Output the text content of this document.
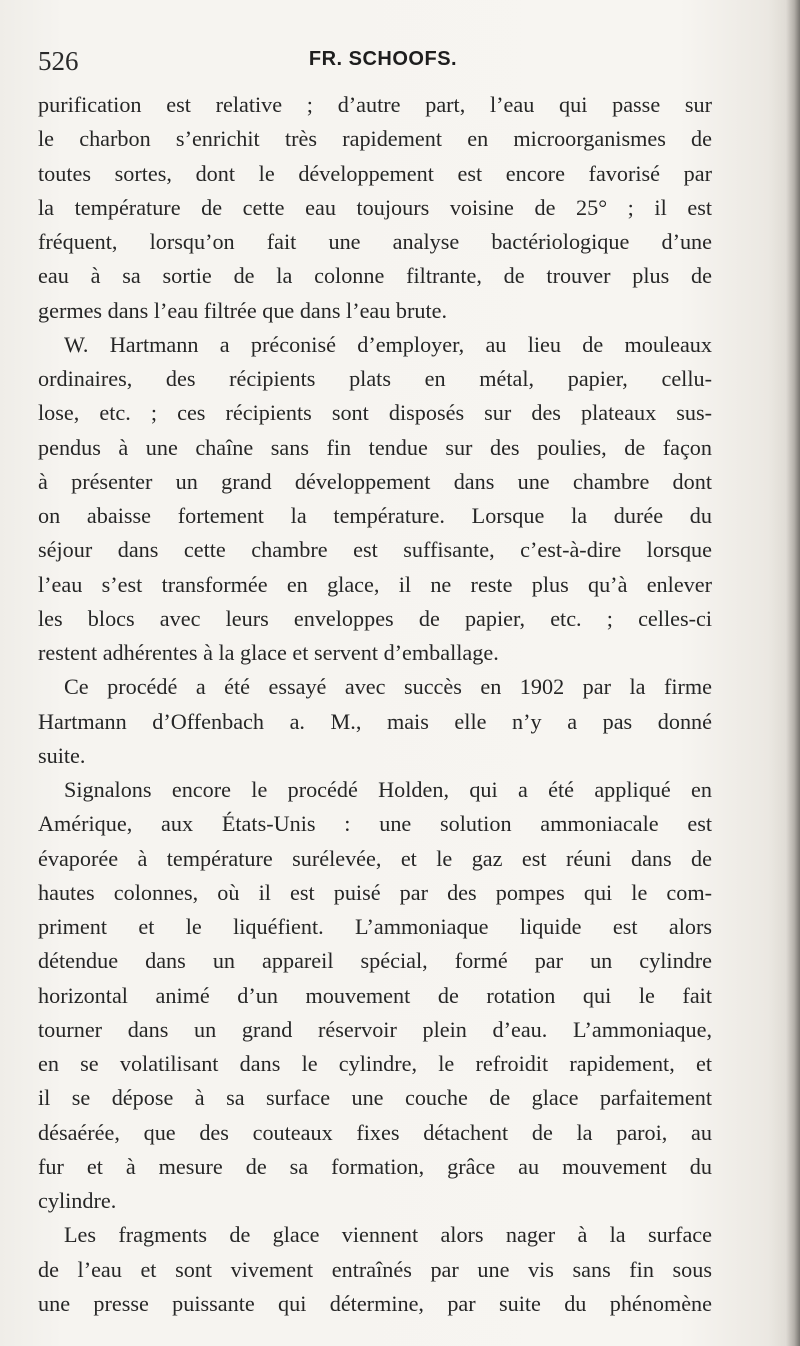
526	FR. SCHOOFS.
purification est relative ; d’autre part, l’eau qui passe sur
le charbon s’enrichit très rapidement en microorganismes de
toutes sortes, dont le développement est encore favorisé par
la température de cette eau toujours voisine de 25° ; il est
fréquent, lorsqu’on fait une analyse bactériologique d’une
eau à sa sortie de la colonne filtrante, de trouver plus de
germes dans l’eau filtrée que dans l’eau brute.
W. Hartmann a préconisé d’employer, au lieu de mouleaux
ordinaires, des récipients plats en métal, papier, cellu-
lose, etc. ; ces récipients sont disposés sur des plateaux sus-
pendus à une chaîne sans fin tendue sur des poulies, de façon
à présenter un grand développement dans une chambre dont
on abaisse fortement la température. Lorsque la durée du
séjour dans cette chambre est suffisante, c’est-à-dire lorsque
l’eau s’est transformée en glace, il ne reste plus qu’à enlever
les blocs avec leurs enveloppes de papier, etc. ; celles-ci
restent adhérentes à la glace et servent d’emballage.
Ce procédé a été essayé avec succès en 1902 par la firme
Hartmann d’Offenbach a. M., mais elle n’y a pas donné
suite.
Signalons encore le procédé Holden, qui a été appliqué en
Amérique, aux États-Unis : une solution ammoniacale est
évaporée à température surélevée, et le gaz est réuni dans de
hautes colonnes, où il est puisé par des pompes qui le com-
priment et le liquéfient. L’ammoniaque liquide est alors
détendue dans un appareil spécial, formé par un cylindre
horizontal animé d’un mouvement de rotation qui le fait
tourner dans un grand réservoir plein d’eau. L’ammoniaque,
en se volatilisant dans le cylindre, le refroidit rapidement, et
il se dépose à sa surface une couche de glace parfaitement
désaérée, que des couteaux fixes détachent de la paroi, au
fur et à mesure de sa formation, grâce au mouvement du
cylindre.
Les fragments de glace viennent alors nager à la surface
de l’eau et sont vivement entraînés par une vis sans fin sous
une presse puissante qui détermine, par suite du phénomène
